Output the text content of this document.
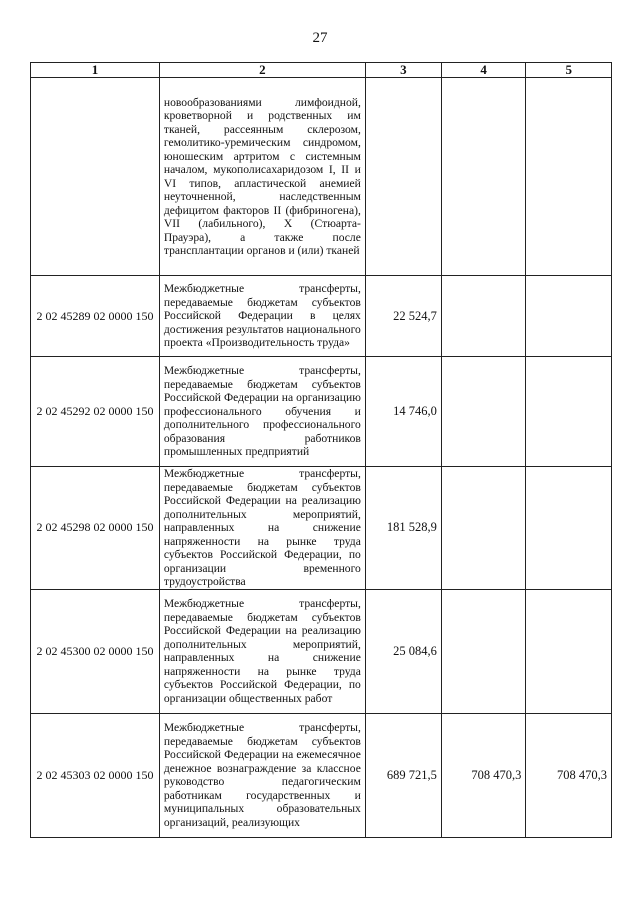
27
1	2	3	4	5
	новообразованиями лимфоидной, кроветворной и родственных им тканей, рассеянным склерозом, гемолитико-уремическим синдромом, юношеским артритом с системным началом, мукополисахаридозом I, II и VI типов, апластической анемией неуточненной, наследственным дефицитом факторов II (фибриногена), VII (лабильного), X (Стюарта-Прауэра), а также после трансплантации органов и (или) тканей			
2 02 45289 02 0000 150	Межбюджетные трансферты, передаваемые бюджетам субъектов Российской Федерации в целях достижения результатов национального проекта «Производительность труда»	22 524,7		
2 02 45292 02 0000 150	Межбюджетные трансферты, передаваемые бюджетам субъектов Российской Федерации на организацию профессионального обучения и дополнительного профессионального образования работников промышленных предприятий	14 746,0		
2 02 45298 02 0000 150	Межбюджетные трансферты, передаваемые бюджетам субъектов Российской Федерации на реализацию дополнительных мероприятий, направленных на снижение напряженности на рынке труда субъектов Российской Федерации, по организации временного трудоустройства	181 528,9		
2 02 45300 02 0000 150	Межбюджетные трансферты, передаваемые бюджетам субъектов Российской Федерации на реализацию дополнительных мероприятий, направленных на снижение напряженности на рынке труда субъектов Российской Федерации, по организации общественных работ	25 084,6		
2 02 45303 02 0000 150	Межбюджетные трансферты, передаваемые бюджетам субъектов Российской Федерации на ежемесячное денежное вознаграждение за классное руководство педагогическим работникам государственных и муниципальных образовательных организаций, реализующих	689 721,5	708 470,3	708 470,3
